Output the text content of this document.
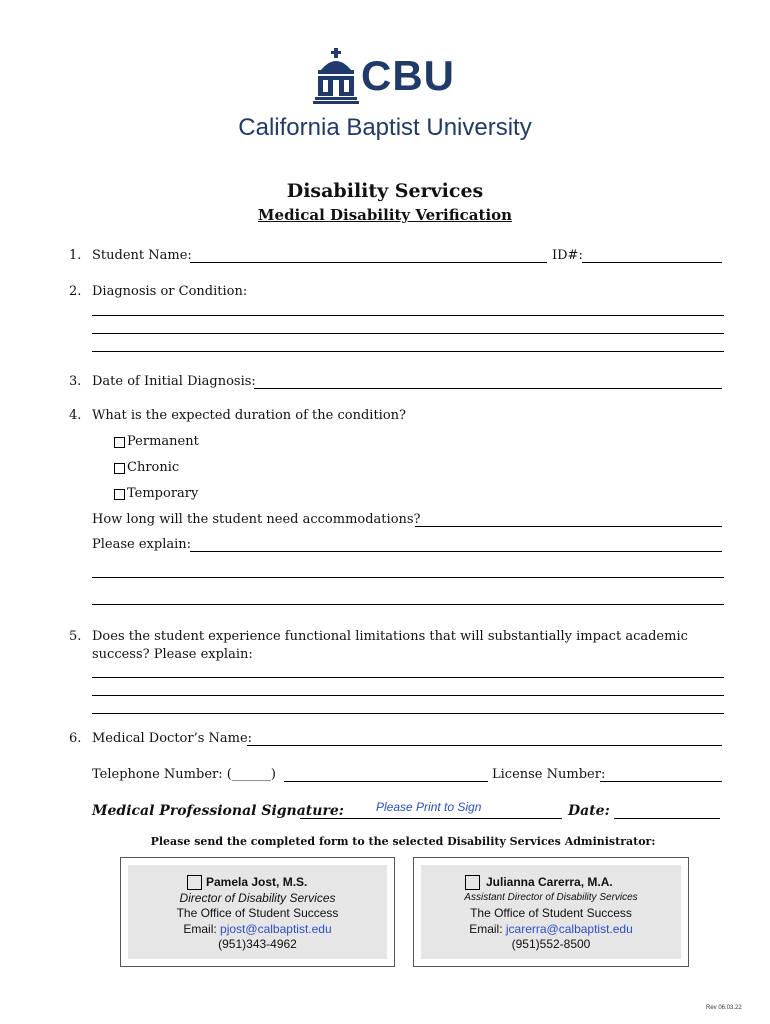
CBU
California Baptist University
Disability Services
Medical Disability Verification
1. Student Name:	ID#:
2. Diagnosis or Condition:
3. Date of Initial Diagnosis:
4. What is the expected duration of the condition?
Permanent
Chronic
Temporary
How long will the student need accommodations?
Please explain:
5. Does the student experience functional limitations that will substantially impact academic
success? Please explain:
6. Medical Doctor’s Name:
Telephone Number: (______)	License Number:
Medical Professional Signature:	Please Print to Sign	Date:
Please send the completed form to the selected Disability Services Administrator:
Pamela Jost, M.S.
Director of Disability Services
The Office of Student Success
Email: pjost@calbaptist.edu
(951)343-4962
Julianna Carerra, M.A.
Assistant Director of Disability Services
The Office of Student Success
Email: jcarerra@calbaptist.edu
(951)552-8500
Rev 06.03.22
